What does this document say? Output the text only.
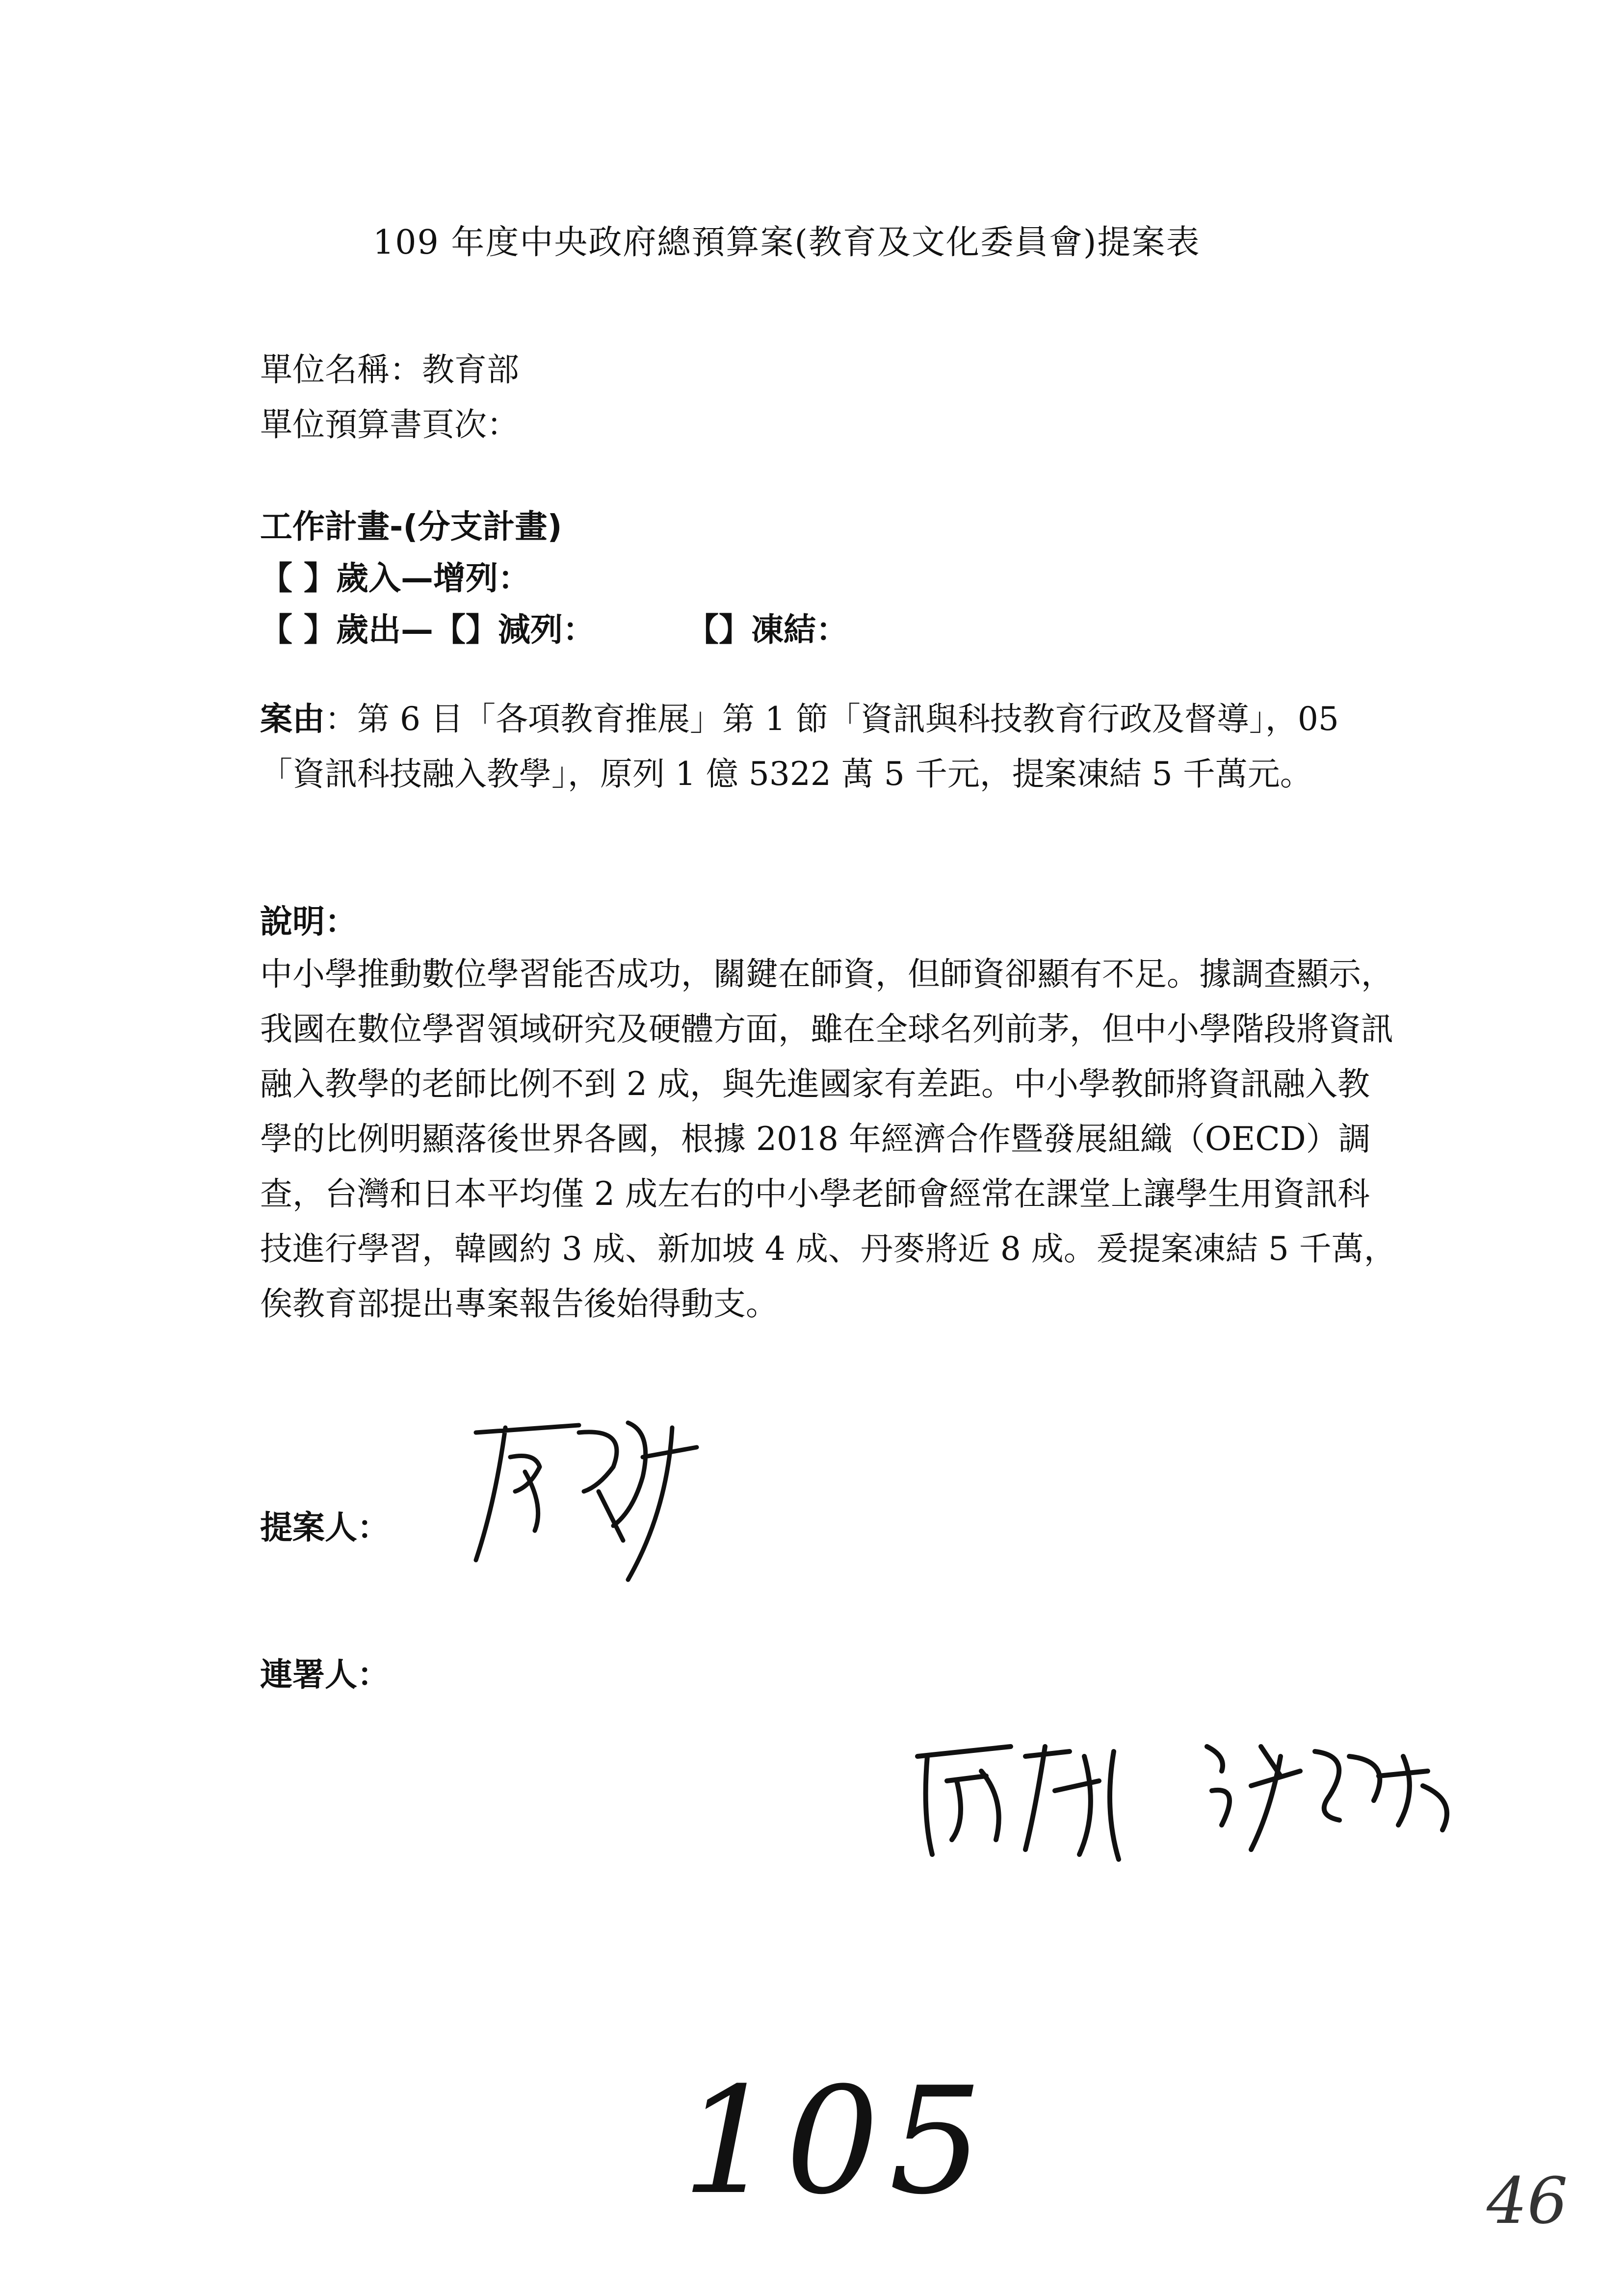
109 年度中央政府總預算案(教育及文化委員會)提案表
單位名稱：教育部
單位預算書頁次：
工作計畫-(分支計畫)
【 】歲入—增列：
【 】歲出—【】減列：	【】凍結：
案由：第 6 目「各項教育推展」第 1 節「資訊與科技教育行政及督導」，05「資訊科技融入教學」，原列 1 億 5322 萬 5 千元，提案凍結 5 千萬元。
說明：
中小學推動數位學習能否成功，關鍵在師資，但師資卻顯有不足。據調查顯示，我國在數位學習領域研究及硬體方面，雖在全球名列前茅，但中小學階段將資訊融入教學的老師比例不到 2 成，與先進國家有差距。中小學教師將資訊融入教學的比例明顯落後世界各國，根據 2018 年經濟合作暨發展組織（OECD）調查，台灣和日本平均僅 2 成左右的中小學老師會經常在課堂上讓學生用資訊科技進行學習，韓國約 3 成、新加坡 4 成、丹麥將近 8 成。爰提案凍結 5 千萬，俟教育部提出專案報告後始得動支。
提案人：
連署人：
105	46
